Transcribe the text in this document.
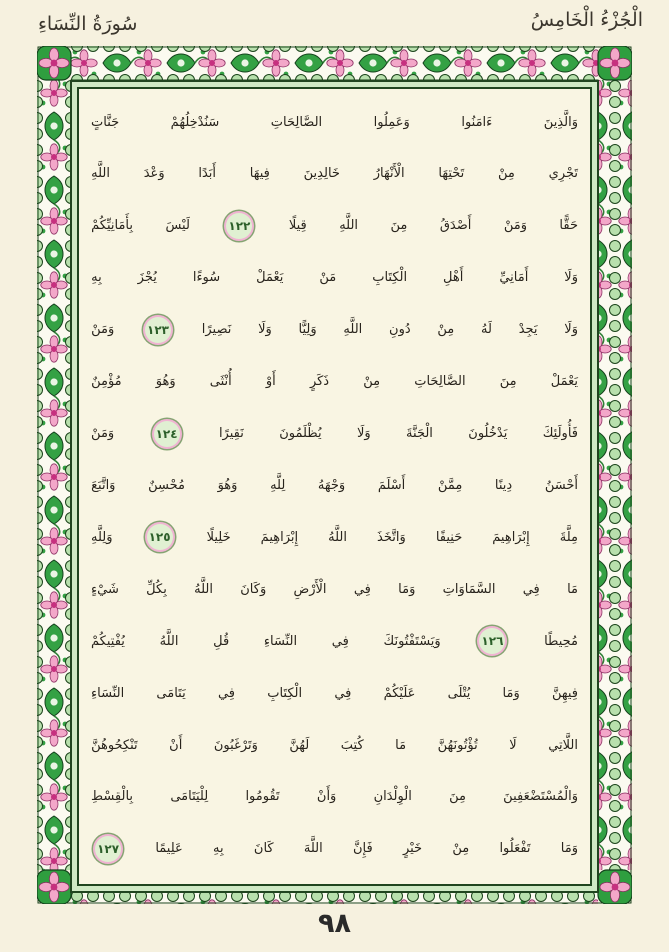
الْجُزْءُ الْخَامِسُ
سُورَةُ النِّسَاءِ
وَالَّذِينَ
ءَامَنُوا
وَعَمِلُوا
الصَّالِحَاتِ
سَنُدْخِلُهُمْ
جَنَّاتٍ
تَجْرِي
مِنْ
تَحْتِهَا
الْأَنْهَارُ
خَالِدِينَ
فِيهَا
أَبَدًا
وَعْدَ
اللَّهِ
حَقًّا
وَمَنْ
أَصْدَقُ
مِنَ
اللَّهِ
قِيلًا
١٢٢
لَيْسَ
بِأَمَانِيِّكُمْ
وَلَا
أَمَانِيِّ
أَهْلِ
الْكِتَابِ
مَنْ
يَعْمَلْ
سُوءًا
يُجْزَ
بِهِ
وَلَا
يَجِدْ
لَهُ
مِنْ
دُونِ
اللَّهِ
وَلِيًّا
وَلَا
نَصِيرًا
١٢٣
وَمَنْ
يَعْمَلْ
مِنَ
الصَّالِحَاتِ
مِنْ
ذَكَرٍ
أَوْ
أُنْثَى
وَهُوَ
مُؤْمِنٌ
فَأُولَئِكَ
يَدْخُلُونَ
الْجَنَّةَ
وَلَا
يُظْلَمُونَ
نَقِيرًا
١٢٤
وَمَنْ
أَحْسَنُ
دِينًا
مِمَّنْ
أَسْلَمَ
وَجْهَهُ
لِلَّهِ
وَهُوَ
مُحْسِنٌ
وَاتَّبَعَ
مِلَّةَ
إِبْرَاهِيمَ
حَنِيفًا
وَاتَّخَذَ
اللَّهُ
إِبْرَاهِيمَ
خَلِيلًا
١٢٥
وَلِلَّهِ
مَا
فِي
السَّمَاوَاتِ
وَمَا
فِي
الْأَرْضِ
وَكَانَ
اللَّهُ
بِكُلِّ
شَيْءٍ
مُحِيطًا
١٢٦
وَيَسْتَفْتُونَكَ
فِي
النِّسَاءِ
قُلِ
اللَّهُ
يُفْتِيكُمْ
فِيهِنَّ
وَمَا
يُتْلَى
عَلَيْكُمْ
فِي
الْكِتَابِ
فِي
يَتَامَى
النِّسَاءِ
اللَّاتِي
لَا
تُؤْتُونَهُنَّ
مَا
كُتِبَ
لَهُنَّ
وَتَرْغَبُونَ
أَنْ
تَنْكِحُوهُنَّ
وَالْمُسْتَضْعَفِينَ
مِنَ
الْوِلْدَانِ
وَأَنْ
تَقُومُوا
لِلْيَتَامَى
بِالْقِسْطِ
وَمَا
تَفْعَلُوا
مِنْ
خَيْرٍ
فَإِنَّ
اللَّهَ
كَانَ
بِهِ
عَلِيمًا
١٢٧
٩٨
